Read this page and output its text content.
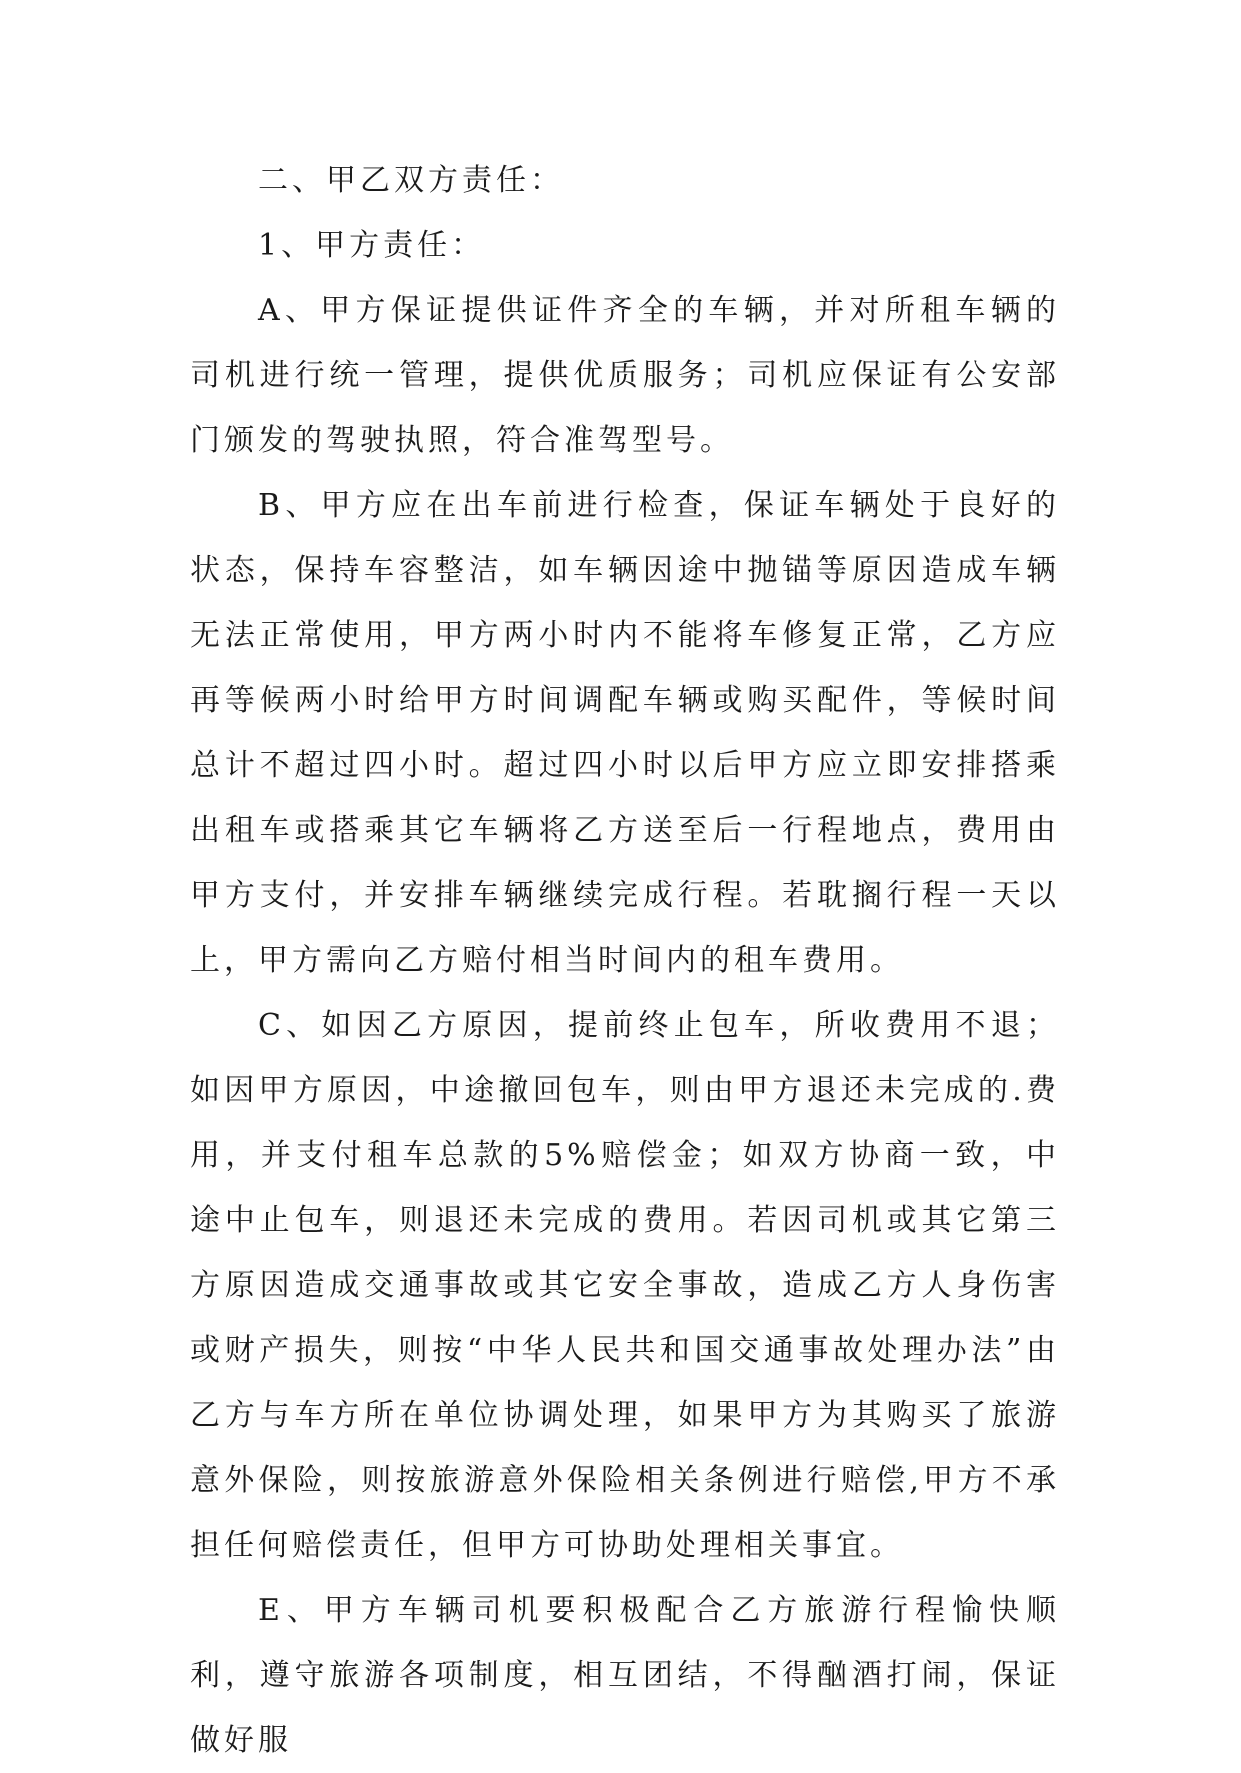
二、甲乙双方责任：

1、甲方责任：

A、甲方保证提供证件齐全的车辆，并对所租车辆的司机进行统一管理，提供优质服务；司机应保证有公安部门颁发的驾驶执照，符合准驾型号。

B、甲方应在出车前进行检查，保证车辆处于良好的状态，保持车容整洁，如车辆因途中抛锚等原因造成车辆无法正常使用，甲方两小时内不能将车修复正常，乙方应再等候两小时给甲方时间调配车辆或购买配件，等候时间总计不超过四小时。超过四小时以后甲方应立即安排搭乘出租车或搭乘其它车辆将乙方送至后一行程地点，费用由甲方支付，并安排车辆继续完成行程。若耽搁行程一天以上，甲方需向乙方赔付相当时间内的租车费用。

C、如因乙方原因，提前终止包车，所收费用不退；如因甲方原因，中途撤回包车，则由甲方退还未完成的.费用，并支付租车总款的5%赔偿金；如双方协商一致，中途中止包车，则退还未完成的费用。若因司机或其它第三方原因造成交通事故或其它安全事故，造成乙方人身伤害或财产损失，则按“中华人民共和国交通事故处理办法”由乙方与车方所在单位协调处理，如果甲方为其购买了旅游意外保险，则按旅游意外保险相关条例进行赔偿,甲方不承担任何赔偿责任，但甲方可协助处理相关事宜。

E、甲方车辆司机要积极配合乙方旅游行程愉快顺利，遵守旅游各项制度，相互团结，不得酗酒打闹，保证做好服
